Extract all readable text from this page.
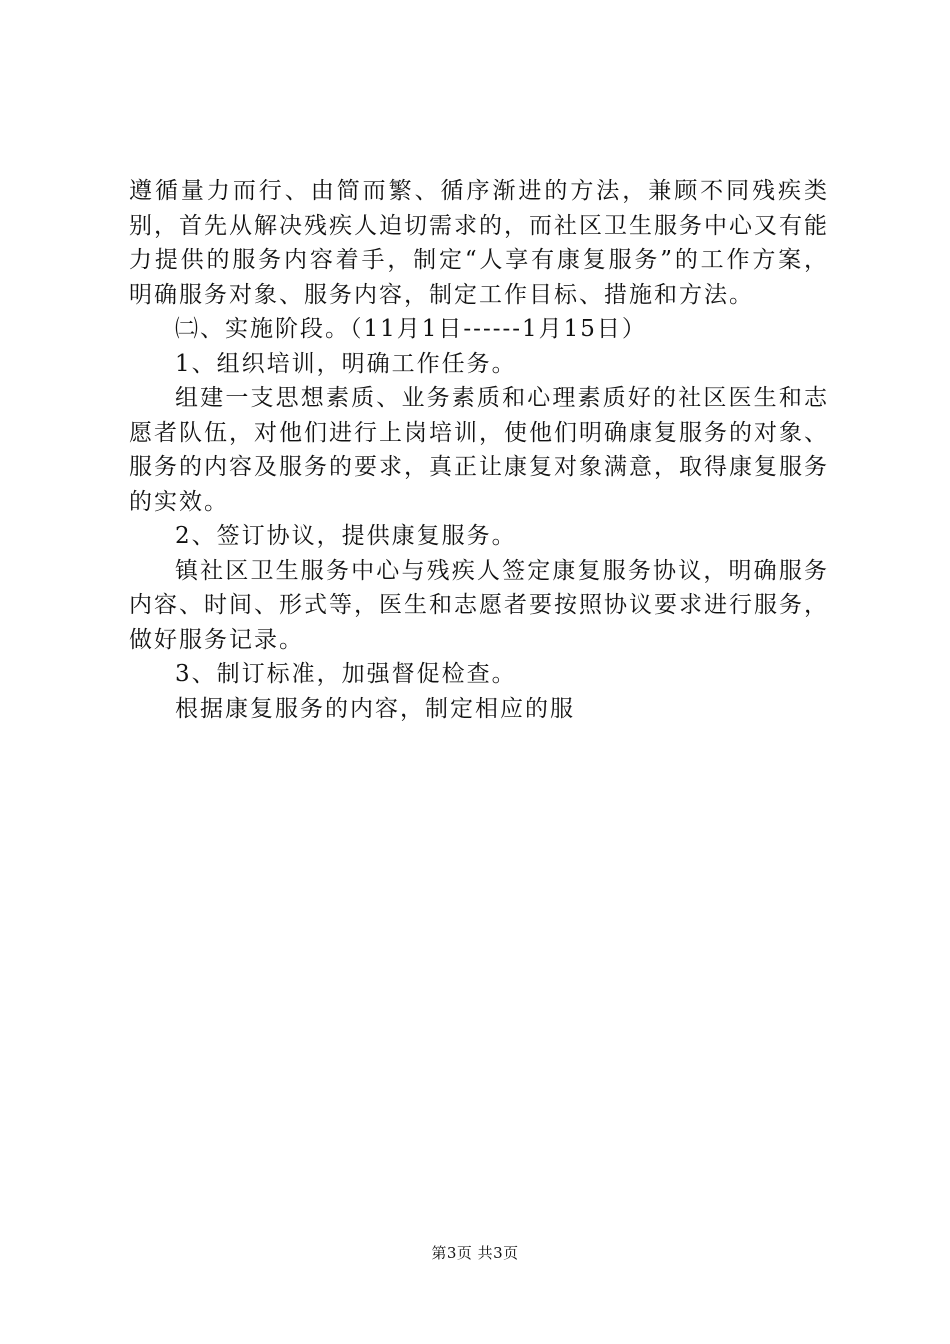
遵循量力而行、由简而繁、循序渐进的方法，兼顾不同残疾类别，首先从解决残疾人迫切需求的，而社区卫生服务中心又有能力提供的服务内容着手，制定“人享有康复服务”的工作方案，明确服务对象、服务内容，制定工作目标、措施和方法。

㈡、实施阶段。（11月1日------1月15日）

1、组织培训，明确工作任务。

组建一支思想素质、业务素质和心理素质好的社区医生和志愿者队伍，对他们进行上岗培训，使他们明确康复服务的对象、服务的内容及服务的要求，真正让康复对象满意，取得康复服务的实效。

2、签订协议，提供康复服务。

镇社区卫生服务中心与残疾人签定康复服务协议，明确服务内容、时间、形式等，医生和志愿者要按照协议要求进行服务，做好服务记录。

3、制订标准，加强督促检查。

根据康复服务的内容，制定相应的服

第3页 共3页
